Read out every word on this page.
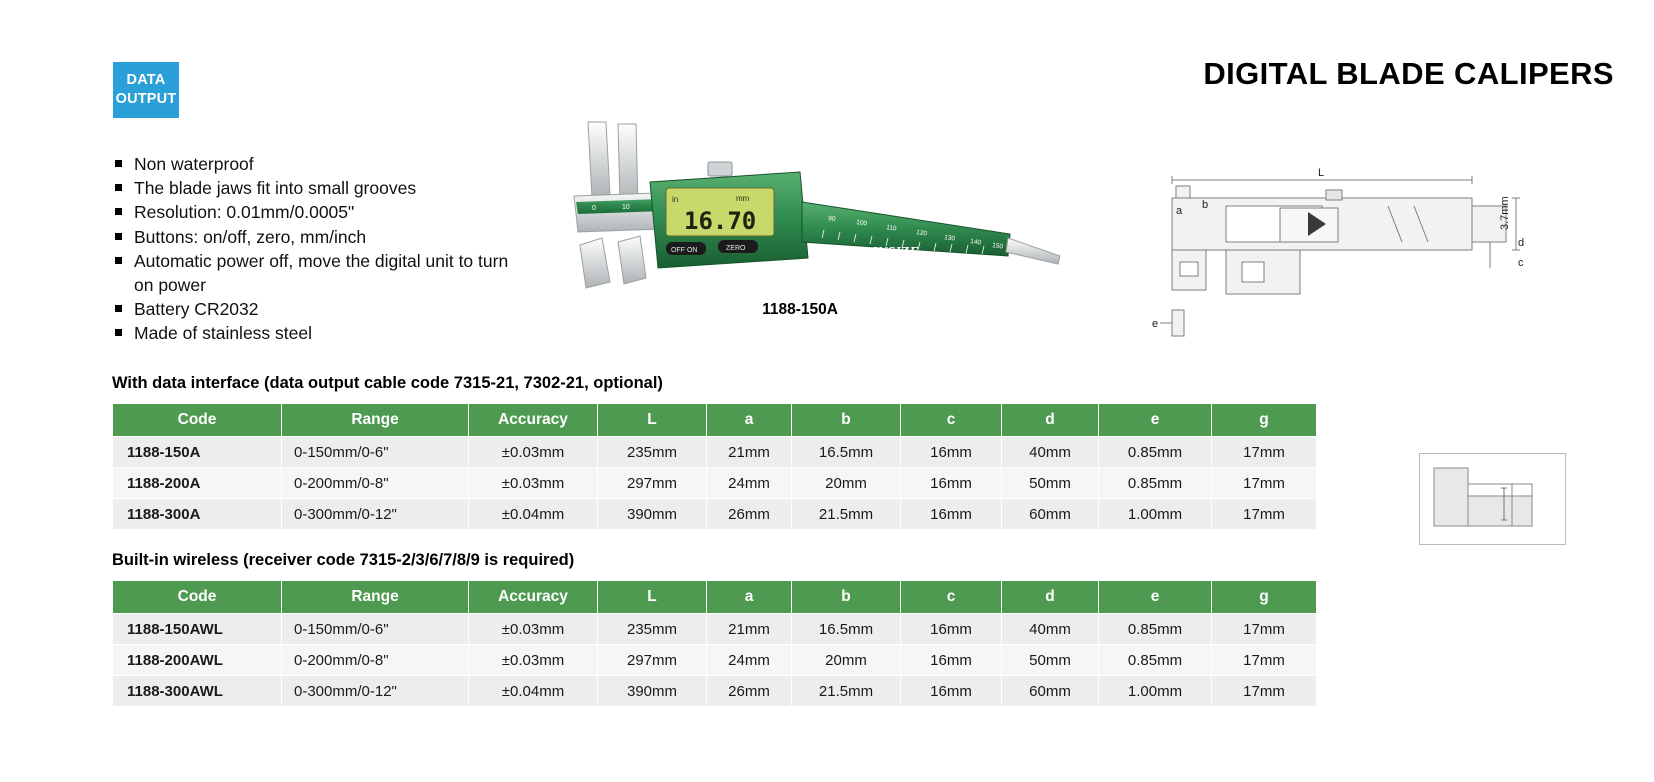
DATA
OUTPUT
DIGITAL BLADE CALIPERS
Non waterproof
The blade jaws fit into small grooves
Resolution: 0.01mm/0.0005"
Buttons: on/off, zero, mm/inch
Automatic power off, move the digital unit to turn on power
Battery CR2032
Made of stainless steel
0	10
in	mm
16.70
OFF ON	ZERO
90
100
110
120
130 140 150
INSIZE
1188-150A
L
a b
c
d
e
3.7mm
With data interface (data output cable code 7315-21, 7302-21, optional)
Code	Range	Accuracy	L	a	b	c	d	e	g
1188-150A	0-150mm/0-6"	±0.03mm	235mm	21mm	16.5mm	16mm	40mm	0.85mm	17mm
1188-200A	0-200mm/0-8"	±0.03mm	297mm	24mm	20mm	16mm	50mm	0.85mm	17mm
1188-300A	0-300mm/0-12"	±0.04mm	390mm	26mm	21.5mm	16mm	60mm	1.00mm	17mm
Built-in wireless (receiver code 7315-2/3/6/7/8/9 is required)
Code	Range	Accuracy	L	a	b	c	d	e	g
1188-150AWL	0-150mm/0-6"	±0.03mm	235mm	21mm	16.5mm	16mm	40mm	0.85mm	17mm
1188-200AWL	0-200mm/0-8"	±0.03mm	297mm	24mm	20mm	16mm	50mm	0.85mm	17mm
1188-300AWL	0-300mm/0-12"	±0.04mm	390mm	26mm	21.5mm	16mm	60mm	1.00mm	17mm
